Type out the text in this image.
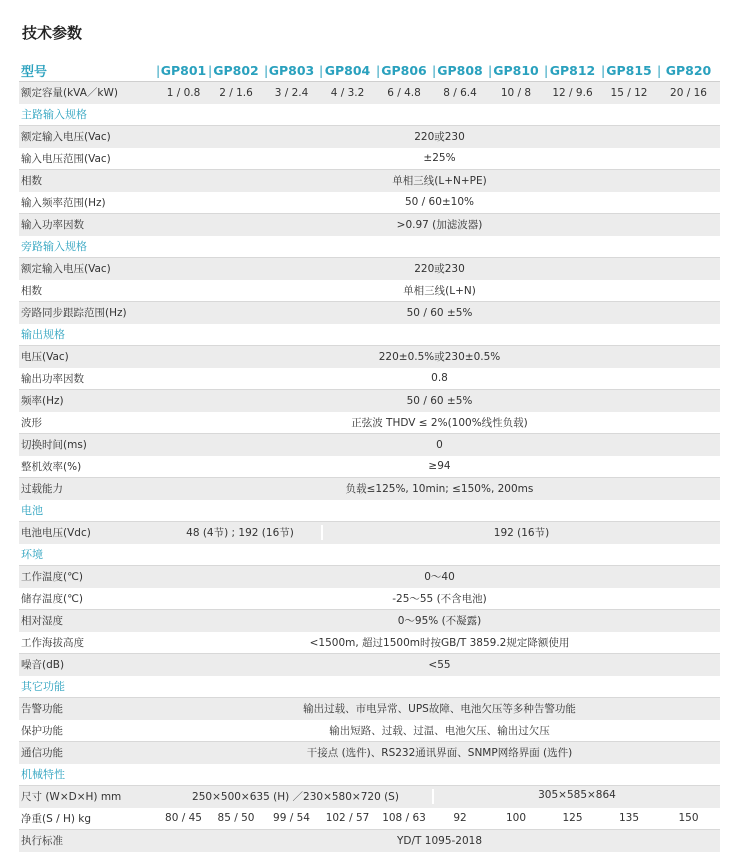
技术参数
型号	| GP801 | GP802 | GP803 | GP804 | GP806 | GP808 | GP810 | GP812 | GP815	| GP820
额定容量(kVA／kW)	1 / 0.8	2 / 1.6	3 / 2.4	4 / 3.2	6 / 4.8	8 / 6.4	10 / 8	12 / 9.6	15 / 12	20 / 16
主路输入规格
额定输入电压(Vac)	220或230
输入电压范围(Vac)	±25%
相数	单相三线(L+N+PE)
输入频率范围(Hz)	50 / 60±10%
输入功率因数	>0.97 (加滤波器)
旁路输入规格
额定输入电压(Vac)	220或230
相数	单相三线(L+N)
旁路同步跟踪范围(Hz)	50 / 60 ±5%
输出规格
电压(Vac)	220±0.5%或230±0.5%
输出功率因数	0.8
频率(Hz)	50 / 60 ±5%
波形	正弦波 THDV ≤ 2%(100%线性负载)
切换时间(ms)	0
整机效率(%)	≥94
过载能力	负载≤125%, 10min; ≤150%, 200ms
电池
电池电压(Vdc)	48 (4节) ; 192 (16节)	192 (16节)
环境
工作温度(℃)	0～40
储存温度(℃)	-25～55 (不含电池)
相对湿度	0～95% (不凝露)
工作海拔高度	<1500m, 超过1500m时按GB/T 3859.2规定降额使用
噪音(dB)	<55
其它功能
告警功能	输出过载、市电异常、UPS故障、电池欠压等多种告警功能
保护功能	输出短路、过载、过温、电池欠压、输出过欠压
通信功能	干接点 (选件)、RS232通讯界面、SNMP网络界面 (选件)
机械特性
尺寸 (W×D×H) mm	250×500×635 (H) ／230×580×720 (S)	305×585×864
净重(S / H) kg	80 / 45	85 / 50	99 / 54	102 / 57	108 / 63	92	100	125	135	150
执行标准	YD/T 1095-2018
